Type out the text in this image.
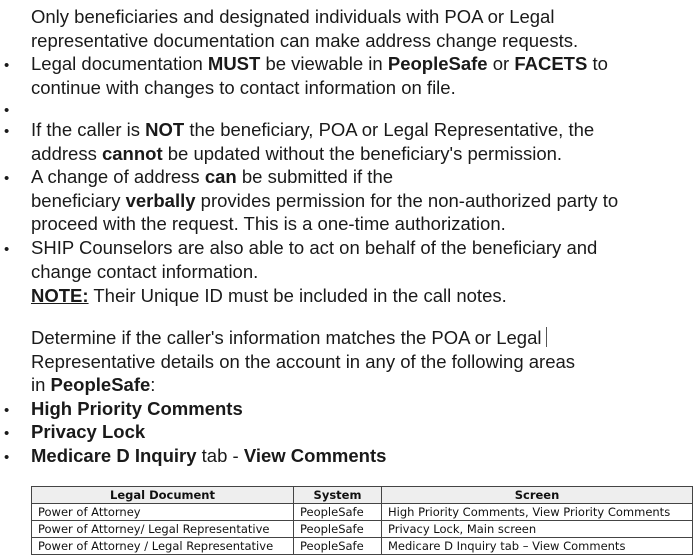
Only beneficiaries and designated individuals with POA or Legal
representative documentation can make address change requests.
• Legal documentation MUST be viewable in PeopleSafe or FACETS to
continue with changes to contact information on file.
•
• If the caller is NOT the beneficiary, POA or Legal Representative, the
address cannot be updated without the beneficiary's permission.
• A change of address can be submitted if the
beneficiary verbally provides permission for the non-authorized party to
proceed with the request. This is a one-time authorization.
• SHIP Counselors are also able to act on behalf of the beneficiary and
change contact information.
NOTE: Their Unique ID must be included in the call notes.
Determine if the caller's information matches the POA or Legal
Representative details on the account in any of the following areas
in PeopleSafe:
• High Priority Comments
• Privacy Lock
• Medicare D Inquiry tab - View Comments
Legal Document	System	Screen
Power of Attorney	PeopleSafe	High Priority Comments, View Priority Comments
Power of Attorney/ Legal Representative	PeopleSafe	Privacy Lock, Main screen
Power of Attorney / Legal Representative	PeopleSafe	Medicare D Inquiry tab – View Comments
